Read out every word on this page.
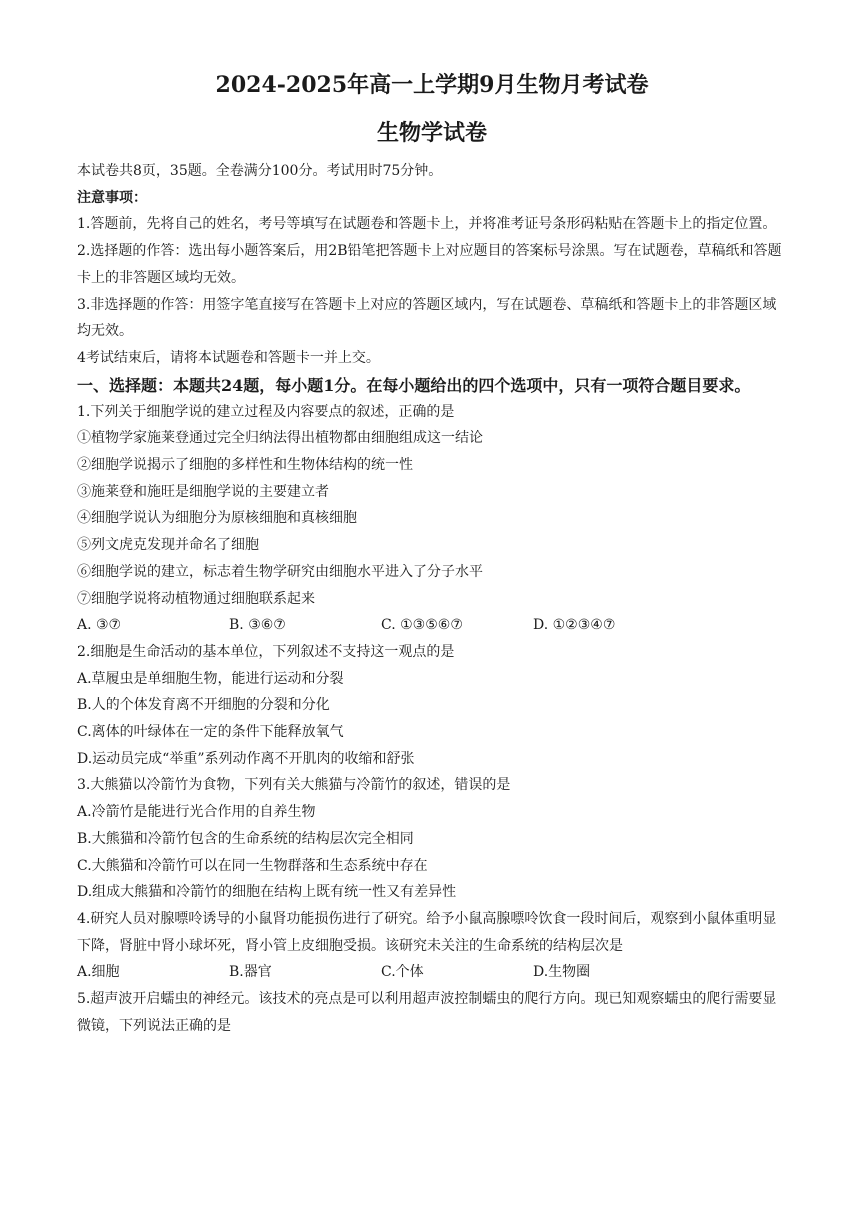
2024-2025年高一上学期9月生物月考试卷
生物学试卷

本试卷共8页，35题。全卷满分100分。考试用时75分钟。

注意事项：

1.答题前，先将自己的姓名，考号等填写在试题卷和答题卡上，并将准考证号条形码粘贴在答题卡上的指定位置。

2.选择题的作答：选出每小题答案后，用2B铅笔把答题卡上对应题目的答案标号涂黑。写在试题卷，草稿纸和答题卡上的非答题区域均无效。

3.非选择题的作答：用签字笔直接写在答题卡上对应的答题区域内，写在试题卷、草稿纸和答题卡上的非答题区域均无效。

4考试结束后，请将本试题卷和答题卡一并上交。

一、选择题：本题共24题，每小题1分。在每小题给出的四个选项中，只有一项符合题目要求。

1.下列关于细胞学说的建立过程及内容要点的叙述，正确的是

①植物学家施莱登通过完全归纳法得出植物都由细胞组成这一结论

②细胞学说揭示了细胞的多样性和生物体结构的统一性

③施莱登和施旺是细胞学说的主要建立者

④细胞学说认为细胞分为原核细胞和真核细胞

⑤列文虎克发现并命名了细胞

⑥细胞学说的建立，标志着生物学研究由细胞水平进入了分子水平

⑦细胞学说将动植物通过细胞联系起来

A. ③⑦	B. ③⑥⑦	C. ①③⑤⑥⑦	D. ①②③④⑦

2.细胞是生命活动的基本单位，下列叙述不支持这一观点的是

A.草履虫是单细胞生物，能进行运动和分裂

B.人的个体发育离不开细胞的分裂和分化

C.离体的叶绿体在一定的条件下能释放氧气

D.运动员完成“举重”系列动作离不开肌肉的收缩和舒张

3.大熊猫以冷箭竹为食物，下列有关大熊猫与冷箭竹的叙述，错误的是

A.冷箭竹是能进行光合作用的自养生物

B.大熊猫和冷箭竹包含的生命系统的结构层次完全相同

C.大熊猫和冷箭竹可以在同一生物群落和生态系统中存在

D.组成大熊猫和冷箭竹的细胞在结构上既有统一性又有差异性

4.研究人员对腺嘌呤诱导的小鼠肾功能损伤进行了研究。给予小鼠高腺嘌呤饮食一段时间后，观察到小鼠体重明显下降，肾脏中肾小球坏死，肾小管上皮细胞受损。该研究未关注的生命系统的结构层次是

A.细胞	B.器官	C.个体	D.生物圈

5.超声波开启蠕虫的神经元。该技术的亮点是可以利用超声波控制蠕虫的爬行方向。现已知观察蠕虫的爬行需要显微镜，下列说法正确的是
